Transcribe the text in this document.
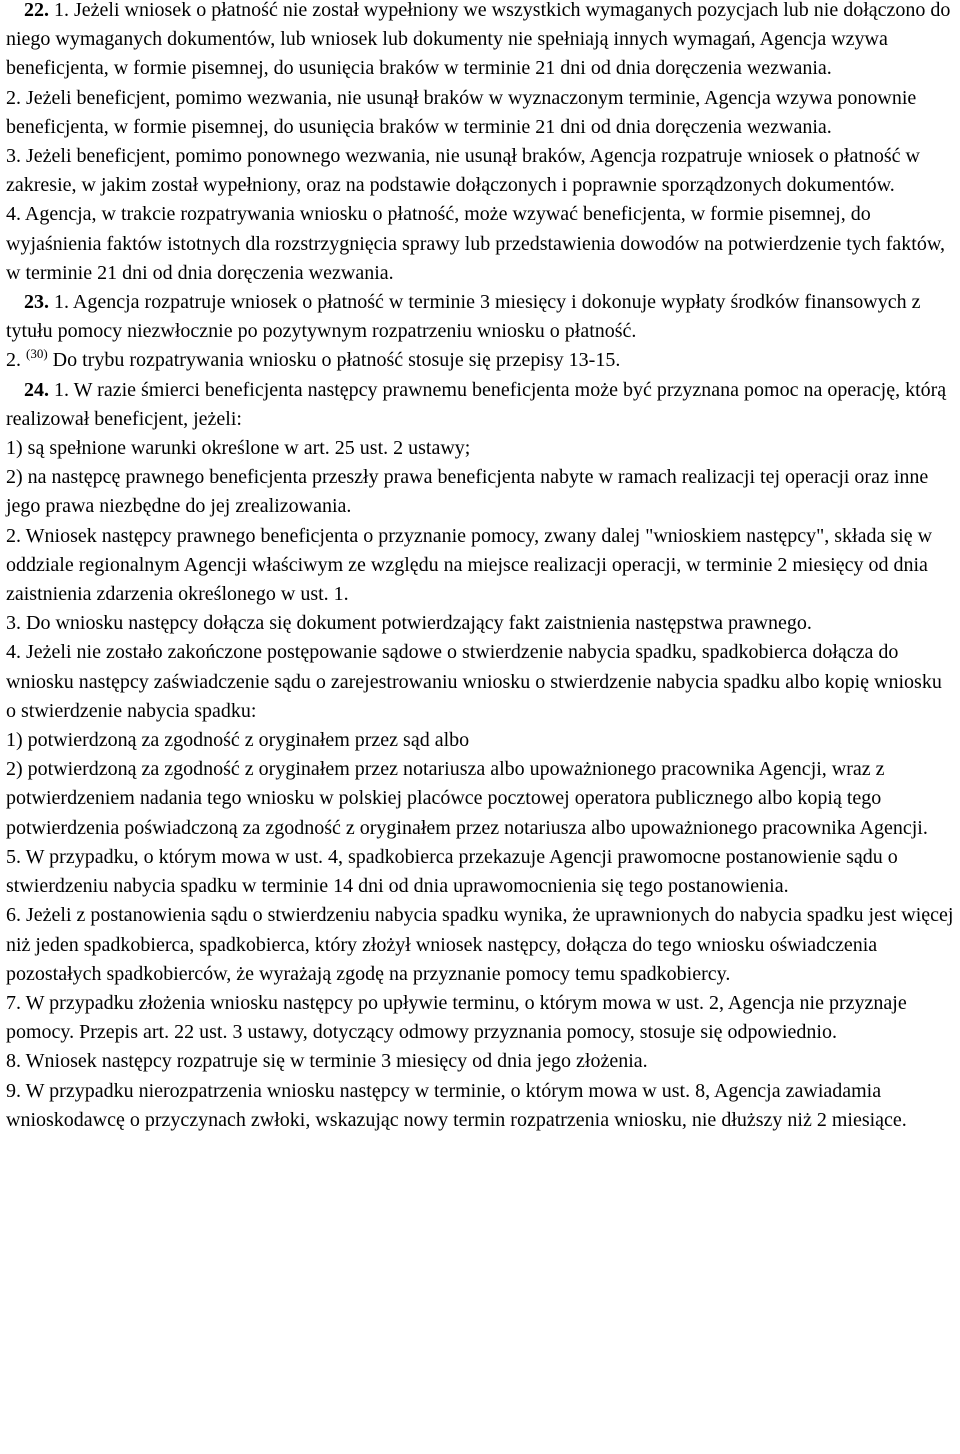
22. 1. Jeżeli wniosek o płatność nie został wypełniony we wszystkich wymaganych pozycjach lub nie dołączono do niego wymaganych dokumentów, lub wniosek lub dokumenty nie spełniają innych wymagań, Agencja wzywa beneficjenta, w formie pisemnej, do usunięcia braków w terminie 21 dni od dnia doręczenia wezwania.

2. Jeżeli beneficjent, pomimo wezwania, nie usunął braków w wyznaczonym terminie, Agencja wzywa ponownie beneficjenta, w formie pisemnej, do usunięcia braków w terminie 21 dni od dnia doręczenia wezwania.

3. Jeżeli beneficjent, pomimo ponownego wezwania, nie usunął braków, Agencja rozpatruje wniosek o płatność w zakresie, w jakim został wypełniony, oraz na podstawie dołączonych i poprawnie sporządzonych dokumentów.

4. Agencja, w trakcie rozpatrywania wniosku o płatność, może wzywać beneficjenta, w formie pisemnej, do wyjaśnienia faktów istotnych dla rozstrzygnięcia sprawy lub przedstawienia dowodów na potwierdzenie tych faktów, w terminie 21 dni od dnia doręczenia wezwania.

23. 1. Agencja rozpatruje wniosek o płatność w terminie 3 miesięcy i dokonuje wypłaty środków finansowych z tytułu pomocy niezwłocznie po pozytywnym rozpatrzeniu wniosku o płatność.

2. $^{(30)}$ Do trybu rozpatrywania wniosku o płatność stosuje się przepisy 13-15.

24. 1. W razie śmierci beneficjenta następcy prawnemu beneficjenta może być przyznana pomoc na operację, którą realizował beneficjent, jeżeli:

1) są spełnione warunki określone w art. 25 ust. 2 ustawy;

2) na następcę prawnego beneficjenta przeszły prawa beneficjenta nabyte w ramach realizacji tej operacji oraz inne jego prawa niezbędne do jej zrealizowania.

2. Wniosek następcy prawnego beneficjenta o przyznanie pomocy, zwany dalej "wnioskiem następcy", składa się w oddziale regionalnym Agencji właściwym ze względu na miejsce realizacji operacji, w terminie 2 miesięcy od dnia zaistnienia zdarzenia określonego w ust. 1.

3. Do wniosku następcy dołącza się dokument potwierdzający fakt zaistnienia następstwa prawnego.

4. Jeżeli nie zostało zakończone postępowanie sądowe o stwierdzenie nabycia spadku, spadkobierca dołącza do wniosku następcy zaświadczenie sądu o zarejestrowaniu wniosku o stwierdzenie nabycia spadku albo kopię wniosku o stwierdzenie nabycia spadku:

1) potwierdzoną za zgodność z oryginałem przez sąd albo

2) potwierdzoną za zgodność z oryginałem przez notariusza albo upoważnionego pracownika Agencji, wraz z potwierdzeniem nadania tego wniosku w polskiej placówce pocztowej operatora publicznego albo kopią tego potwierdzenia poświadczoną za zgodność z oryginałem przez notariusza albo upoważnionego pracownika Agencji.

5. W przypadku, o którym mowa w ust. 4, spadkobierca przekazuje Agencji prawomocne postanowienie sądu o stwierdzeniu nabycia spadku w terminie 14 dni od dnia uprawomocnienia się tego postanowienia.

6. Jeżeli z postanowienia sądu o stwierdzeniu nabycia spadku wynika, że uprawnionych do nabycia spadku jest więcej niż jeden spadkobierca, spadkobierca, który złożył wniosek następcy, dołącza do tego wniosku oświadczenia pozostałych spadkobierców, że wyrażają zgodę na przyznanie pomocy temu spadkobiercy.

7. W przypadku złożenia wniosku następcy po upływie terminu, o którym mowa w ust. 2, Agencja nie przyznaje pomocy. Przepis art. 22 ust. 3 ustawy, dotyczący odmowy przyznania pomocy, stosuje się odpowiednio.

8. Wniosek następcy rozpatruje się w terminie 3 miesięcy od dnia jego złożenia.

9. W przypadku nierozpatrzenia wniosku następcy w terminie, o którym mowa w ust. 8, Agencja zawiadamia wnioskodawcę o przyczynach zwłoki, wskazując nowy termin rozpatrzenia wniosku, nie dłuższy niż 2 miesiące.
